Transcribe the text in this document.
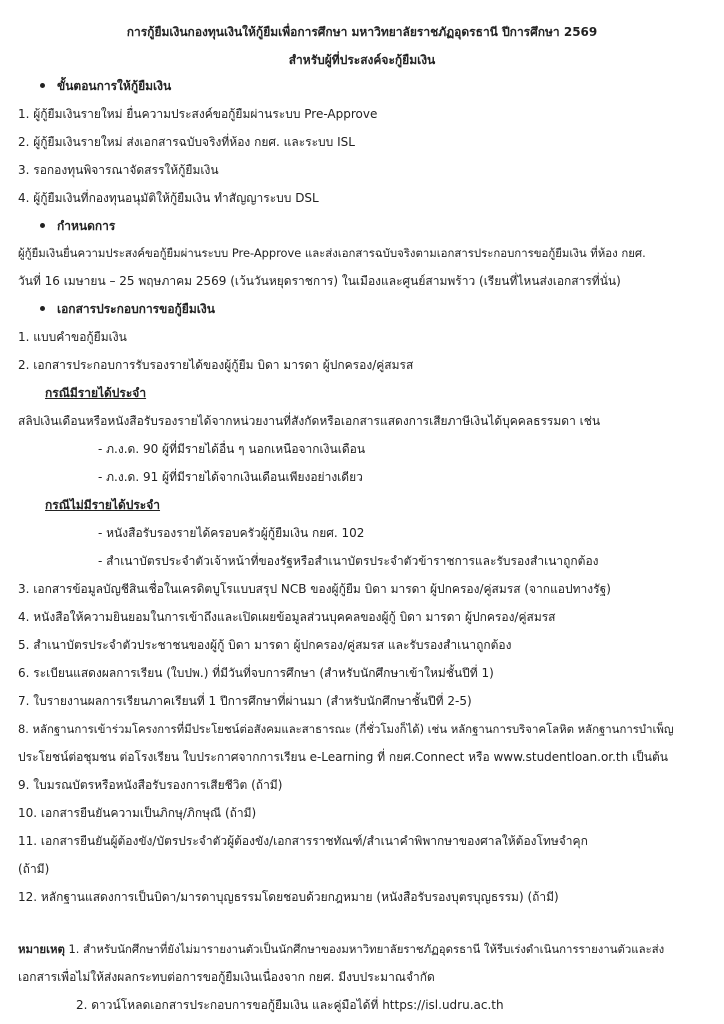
การกู้ยืมเงินกองทุนเงินให้กู้ยืมเพื่อการศึกษา มหาวิทยาลัยราชภัฏอุดรธานี ปีการศึกษา 2569
สำหรับผู้ที่ประสงค์จะกู้ยืมเงิน
ขั้นตอนการให้กู้ยืมเงิน
1. ผู้กู้ยืมเงินรายใหม่ ยื่นความประสงค์ขอกู้ยืมผ่านระบบ Pre-Approve
2. ผู้กู้ยืมเงินรายใหม่ ส่งเอกสารฉบับจริงที่ห้อง กยศ. และระบบ ISL
3. รอกองทุนพิจารณาจัดสรรให้กู้ยืมเงิน
4. ผู้กู้ยืมเงินที่กองทุนอนุมัติให้กู้ยืมเงิน ทำสัญญาระบบ DSL
กำหนดการ
ผู้กู้ยืมเงินยื่นความประสงค์ขอกู้ยืมผ่านระบบ Pre-Approve และส่งเอกสารฉบับจริงตามเอกสารประกอบการขอกู้ยืมเงิน ที่ห้อง กยศ.
วันที่ 16 เมษายน – 25 พฤษภาคม 2569 (เว้นวันหยุดราชการ) ในเมืองและศูนย์สามพร้าว (เรียนที่ไหนส่งเอกสารที่นั่น)
เอกสารประกอบการขอกู้ยืมเงิน
1. แบบคำขอกู้ยืมเงิน
2. เอกสารประกอบการรับรองรายได้ของผู้กู้ยืม บิดา มารดา ผู้ปกครอง/คู่สมรส
กรณีมีรายได้ประจำ
สลิปเงินเดือนหรือหนังสือรับรองรายได้จากหน่วยงานที่สังกัดหรือเอกสารแสดงการเสียภาษีเงินได้บุคคลธรรมดา เช่น
- ภ.ง.ด. 90 ผู้ที่มีรายได้อื่น ๆ นอกเหนือจากเงินเดือน
- ภ.ง.ด. 91 ผู้ที่มีรายได้จากเงินเดือนเพียงอย่างเดียว
กรณีไม่มีรายได้ประจำ
- หนังสือรับรองรายได้ครอบครัวผู้กู้ยืมเงิน กยศ. 102
- สำเนาบัตรประจำตัวเจ้าหน้าที่ของรัฐหรือสำเนาบัตรประจำตัวข้าราชการและรับรองสำเนาถูกต้อง
3. เอกสารข้อมูลบัญชีสินเชื่อในเครดิตบูโรแบบสรุป NCB ของผู้กู้ยืม บิดา มารดา ผู้ปกครอง/คู่สมรส (จากแอปทางรัฐ)
4. หนังสือให้ความยินยอมในการเข้าถึงและเปิดเผยข้อมูลส่วนบุคคลของผู้กู้ บิดา มารดา ผู้ปกครอง/คู่สมรส
5. สำเนาบัตรประจำตัวประชาชนของผู้กู้ บิดา มารดา ผู้ปกครอง/คู่สมรส และรับรองสำเนาถูกต้อง
6. ระเบียนแสดงผลการเรียน (ใบปพ.) ที่มีวันที่จบการศึกษา (สำหรับนักศึกษาเข้าใหม่ชั้นปีที่ 1)
7. ใบรายงานผลการเรียนภาคเรียนที่ 1 ปีการศึกษาที่ผ่านมา (สำหรับนักศึกษาชั้นปีที่ 2-5)
8. หลักฐานการเข้าร่วมโครงการที่มีประโยชน์ต่อสังคมและสาธารณะ (กี่ชั่วโมงก็ได้) เช่น หลักฐานการบริจาคโลหิต หลักฐานการบำเพ็ญ
ประโยชน์ต่อชุมชน ต่อโรงเรียน ใบประกาศจากการเรียน e-Learning ที่ กยศ.Connect หรือ www.studentloan.or.th เป็นต้น
9. ใบมรณบัตรหรือหนังสือรับรองการเสียชีวิต (ถ้ามี)
10. เอกสารยืนยันความเป็นภิกษุ/ภิกษุณี (ถ้ามี)
11. เอกสารยืนยันผู้ต้องขัง/บัตรประจำตัวผู้ต้องขัง/เอกสารราชทัณฑ์/สำเนาคำพิพากษาของศาลให้ต้องโทษจำคุก
(ถ้ามี)
12. หลักฐานแสดงการเป็นบิดา/มารดาบุญธรรมโดยชอบด้วยกฎหมาย (หนังสือรับรองบุตรบุญธรรม) (ถ้ามี)
หมายเหตุ 1. สำหรับนักศึกษาที่ยังไม่มารายงานตัวเป็นนักศึกษาของมหาวิทยาลัยราชภัฏอุดรธานี ให้รีบเร่งดำเนินการรายงานตัวและส่ง
เอกสารเพื่อไม่ให้ส่งผลกระทบต่อการขอกู้ยืมเงินเนื่องจาก กยศ. มีงบประมาณจำกัด
2. ดาวน์โหลดเอกสารประกอบการขอกู้ยืมเงิน และคู่มือได้ที่ https://isl.udru.ac.th
